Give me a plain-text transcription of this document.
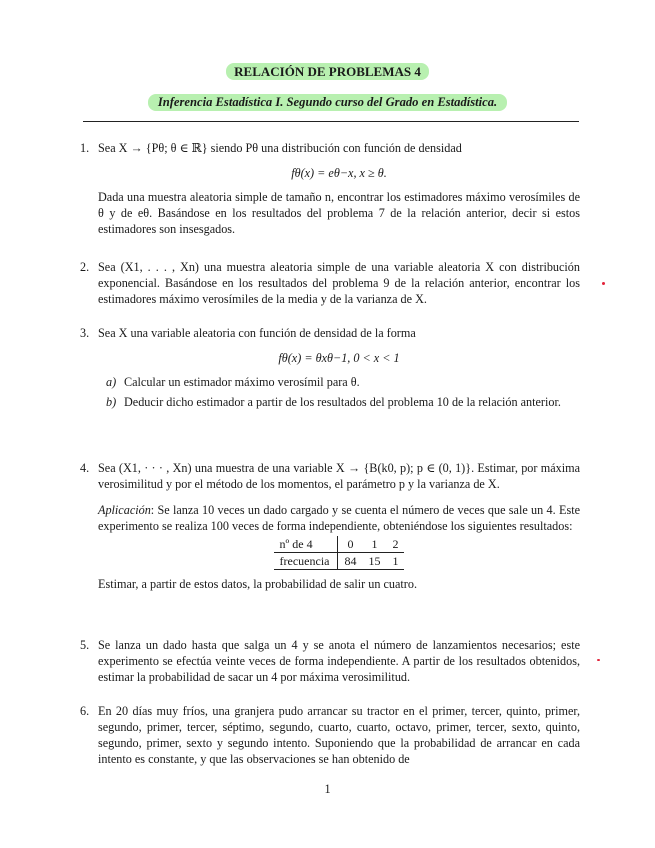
RELACIÓN DE PROBLEMAS 4
Inferencia Estadística I. Segundo curso del Grado en Estadística.
1. Sea X → {Pθ; θ ∈ ℝ} siendo Pθ una distribución con función de densidad

fθ(x) = eθ−x, x ≥ θ.

Dada una muestra aleatoria simple de tamaño n, encontrar los estimadores máximo verosímiles de θ y de eθ. Basándose en los resultados del problema 7 de la relación anterior, decir si estos estimadores son insesgados.

2. Sea (X1, . . . , Xn) una muestra aleatoria simple de una variable aleatoria X con distribución exponencial. Basándose en los resultados del problema 9 de la relación anterior, encontrar los estimadores máximo verosímiles de la media y de la varianza de X.

3. Sea X una variable aleatoria con función de densidad de la forma

fθ(x) = θxθ−1, 0 < x < 1
a) Calcular un estimador máximo verosímil para θ.
b) Deducir dicho estimador a partir de los resultados del problema 10 de la relación anterior.
4. Sea (X1, · · · , Xn) una muestra de una variable X → {B(k0, p); p ∈ (0, 1)}. Estimar, por máxima verosimilitud y por el método de los momentos, el parámetro p y la varianza de X.

Aplicación: Se lanza 10 veces un dado cargado y se cuenta el número de veces que sale un 4. Este experimento se realiza 100 veces de forma independiente, obteniéndose los siguientes resultados:

nº de 4	0	1	2
frecuencia	84	15	1

Estimar, a partir de estos datos, la probabilidad de salir un cuatro.

5. Se lanza un dado hasta que salga un 4 y se anota el número de lanzamientos necesarios; este experimento se efectúa veinte veces de forma independiente. A partir de los resultados obtenidos, estimar la probabilidad de sacar un 4 por máxima verosimilitud.

6. En 20 días muy fríos, una granjera pudo arrancar su tractor en el primer, tercer, quinto, primer, segundo, primer, tercer, séptimo, segundo, cuarto, cuarto, octavo, primer, tercer, sexto, quinto, segundo, primer, sexto y segundo intento. Suponiendo que la probabilidad de arrancar en cada intento es constante, y que las observaciones se han obtenido de

1
